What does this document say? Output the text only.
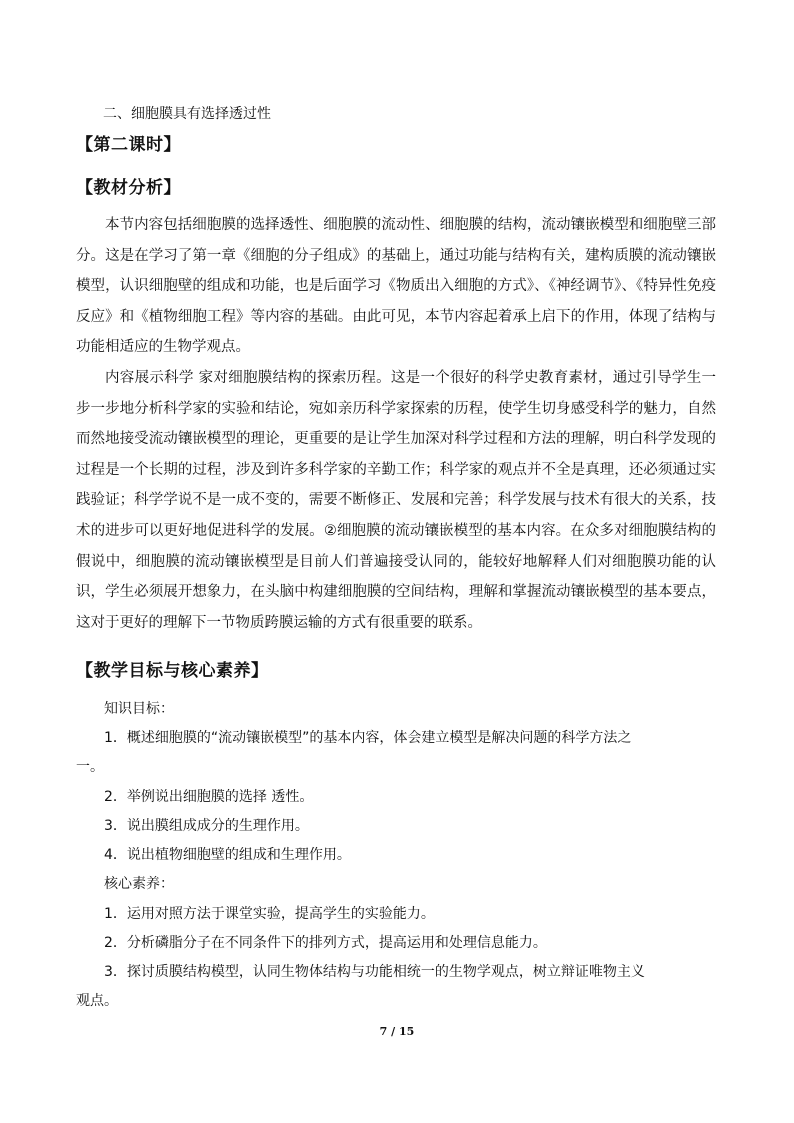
二、细胞膜具有选择透过性
【第二课时】
【教材分析】

本节内容包括细胞膜的选择透性、细胞膜的流动性、细胞膜的结构，流动镶嵌模型和细胞壁三部分。这是在学习了第一章《细胞的分子组成》的基础上，通过功能与结构有关，建构质膜的流动镶嵌模型，认识细胞壁的组成和功能，也是后面学习《物质出入细胞的方式》、《神经调节》、《特异性免疫反应》和《植物细胞工程》等内容的基础。由此可见，本节内容起着承上启下的作用，体现了结构与功能相适应的生物学观点。

内容展示科学 家对细胞膜结构的探索历程。这是一个很好的科学史教育素材，通过引导学生一步一步地分析科学家的实验和结论，宛如亲历科学家探索的历程，使学生切身感受科学的魅力，自然而然地接受流动镶嵌模型的理论，更重要的是让学生加深对科学过程和方法的理解，明白科学发现的过程是一个长期的过程，涉及到许多科学家的辛勤工作；科学家的观点并不全是真理，还必须通过实践验证；科学学说不是一成不变的，需要不断修正、发展和完善；科学发展与技术有很大的关系，技术的进步可以更好地促进科学的发展。②细胞膜的流动镶嵌模型的基本内容。在众多对细胞膜结构的假说中，细胞膜的流动镶嵌模型是目前人们普遍接受认同的，能较好地解释人们对细胞膜功能的认识，学生必须展开想象力，在头脑中构建细胞膜的空间结构，理解和掌握流动镶嵌模型的基本要点，这对于更好的理解下一节物质跨膜运输的方式有很重要的联系。

【教学目标与核心素养】
知识目标：
1．概述细胞膜的“流动镶嵌模型”的基本内容，体会建立模型是解决问题的科学方法之
一。
2．举例说出细胞膜的选择 透性。
3．说出膜组成成分的生理作用。
4．说出植物细胞壁的组成和生理作用。
核心素养：
1．运用对照方法于课堂实验，提高学生的实验能力。
2．分析磷脂分子在不同条件下的排列方式，提高运用和处理信息能力。
3．探讨质膜结构模型，认同生物体结构与功能相统一的生物学观点，树立辩证唯物主义
观点。
7 / 15
